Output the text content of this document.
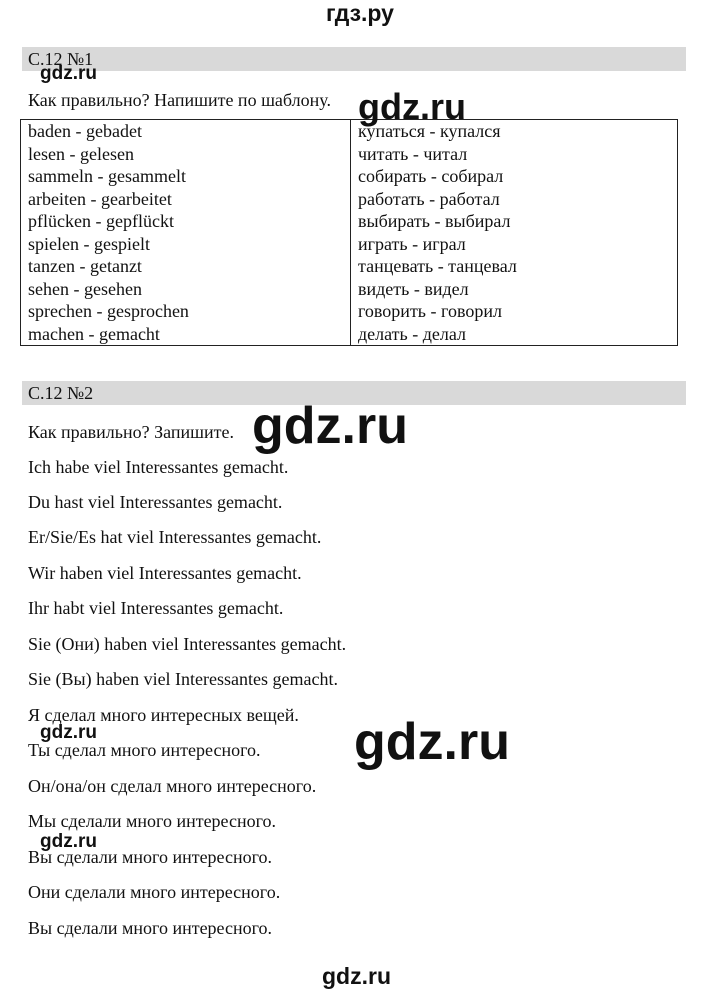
гдз.ру
С.12 №1
Как правильно? Напишите по шаблону.
baden - gebadet	купаться - купался
lesen - gelesen	читать - читал
sammeln - gesammelt	собирать - собирал
arbeiten - gearbeitet	работать - работал
pflücken - gepflückt	выбирать - выбирал
spielen - gespielt	играть - играл
tanzen - getanzt	танцевать - танцевал
sehen - gesehen	видеть - видел
sprechen - gesprochen	говорить - говорил
machen - gemacht	делать - делал
С.12 №2
Как правильно? Запишите.
Ich habe viel Interessantes gemacht.
Du hast viel Interessantes gemacht.
Er/Sie/Es hat viel Interessantes gemacht.
Wir haben viel Interessantes gemacht.
Ihr habt viel Interessantes gemacht.
Sie (Они) haben viel Interessantes gemacht.
Sie (Вы) haben viel Interessantes gemacht.
Я сделал много интересных вещей.
Ты сделал много интересного.
Он/она/он сделал много интересного.
Мы сделали много интересного.
Вы сделали много интересного.
Они сделали много интересного.
Вы сделали много интересного.
gdz.ru
gdz.ru
gdz.ru
gdz.ru	gdz.ru
gdz.ru
gdz.ru
